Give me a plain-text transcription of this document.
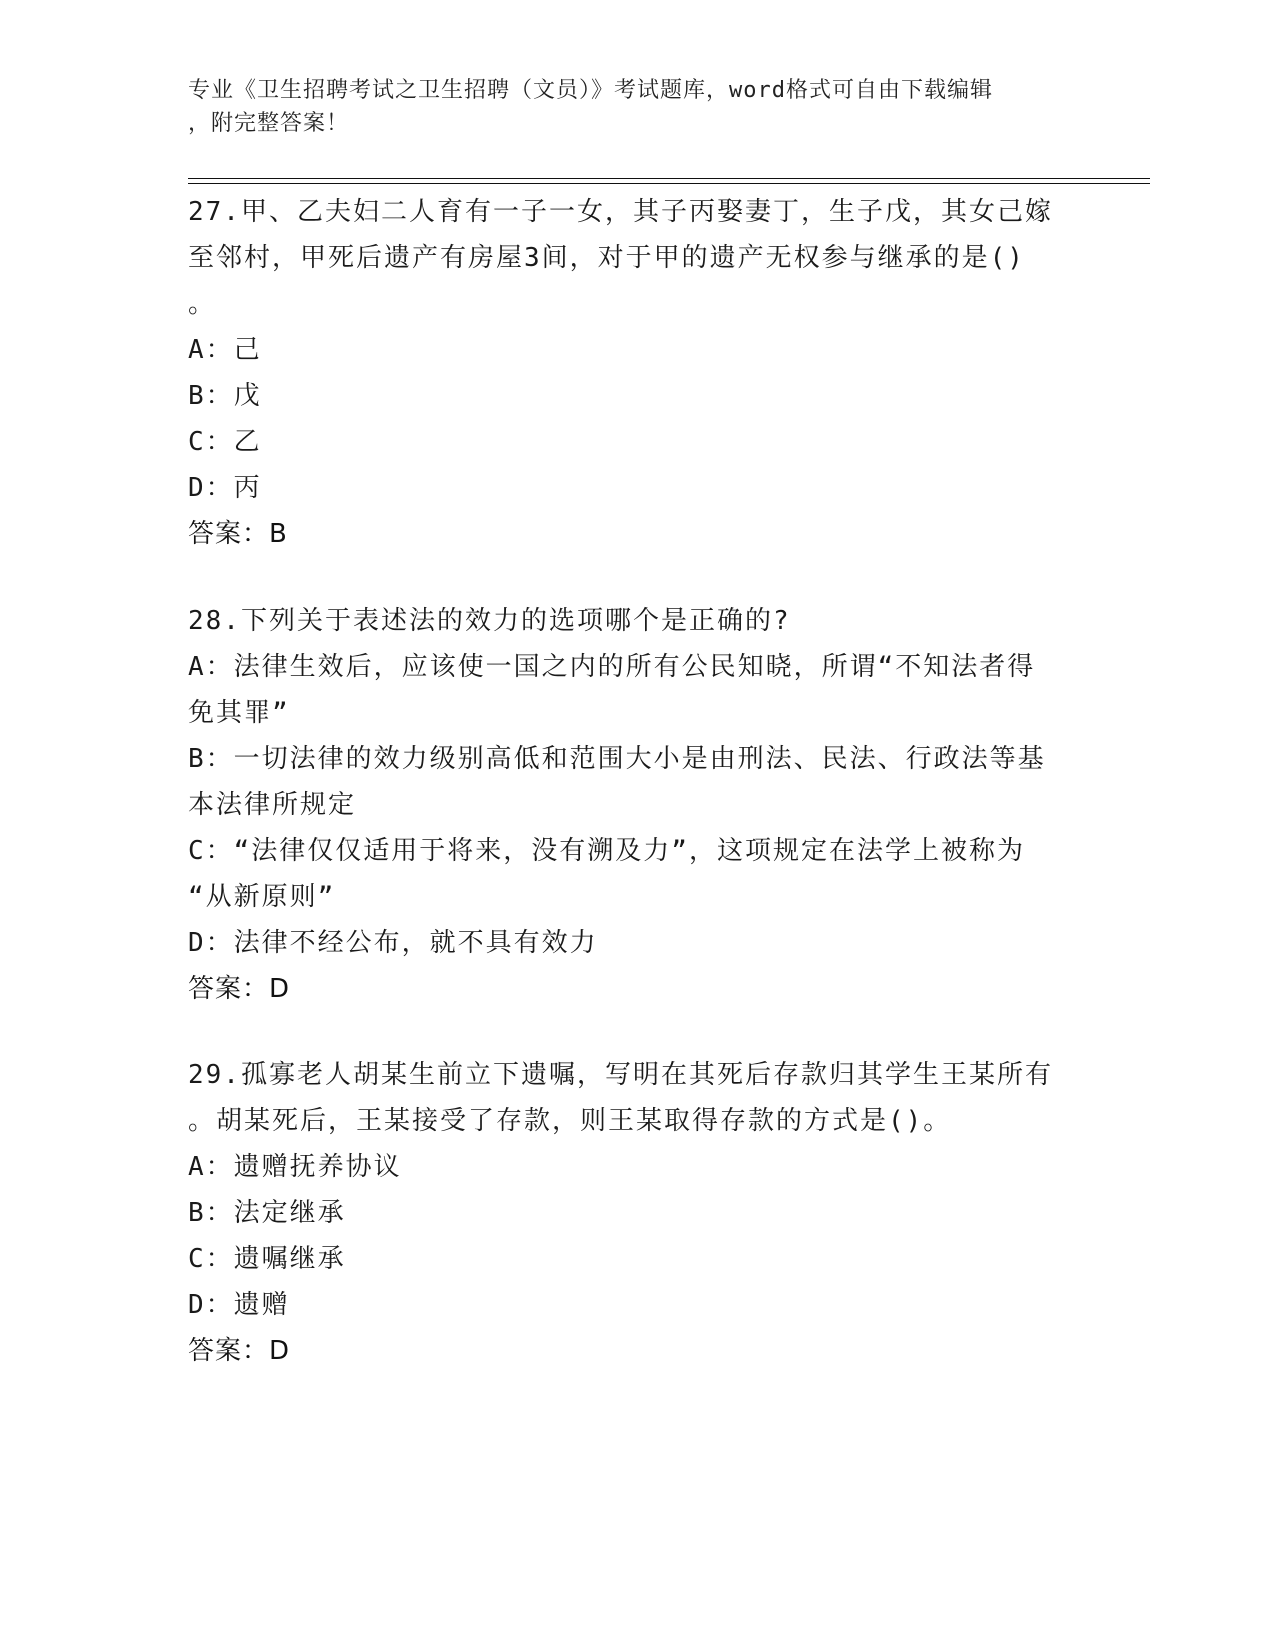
专业《卫生招聘考试之卫生招聘（文员）》考试题库，word格式可自由下载编辑
，附完整答案！
27.甲、乙夫妇二人育有一子一女，其子丙娶妻丁，生子戊，其女己嫁
至邻村，甲死后遗产有房屋3间，对于甲的遗产无权参与继承的是()
。
A：己
B：戊
C：乙
D：丙
答案：B
28.下列关于表述法的效力的选项哪个是正确的?
A：法律生效后，应该使一国之内的所有公民知晓，所谓“不知法者得
免其罪”
B：一切法律的效力级别高低和范围大小是由刑法、民法、行政法等基
本法律所规定
C：“法律仅仅适用于将来，没有溯及力”，这项规定在法学上被称为
“从新原则”
D：法律不经公布，就不具有效力
答案：D
29.孤寡老人胡某生前立下遗嘱，写明在其死后存款归其学生王某所有
。胡某死后，王某接受了存款，则王某取得存款的方式是()。
A：遗赠抚养协议
B：法定继承
C：遗嘱继承
D：遗赠
答案：D
